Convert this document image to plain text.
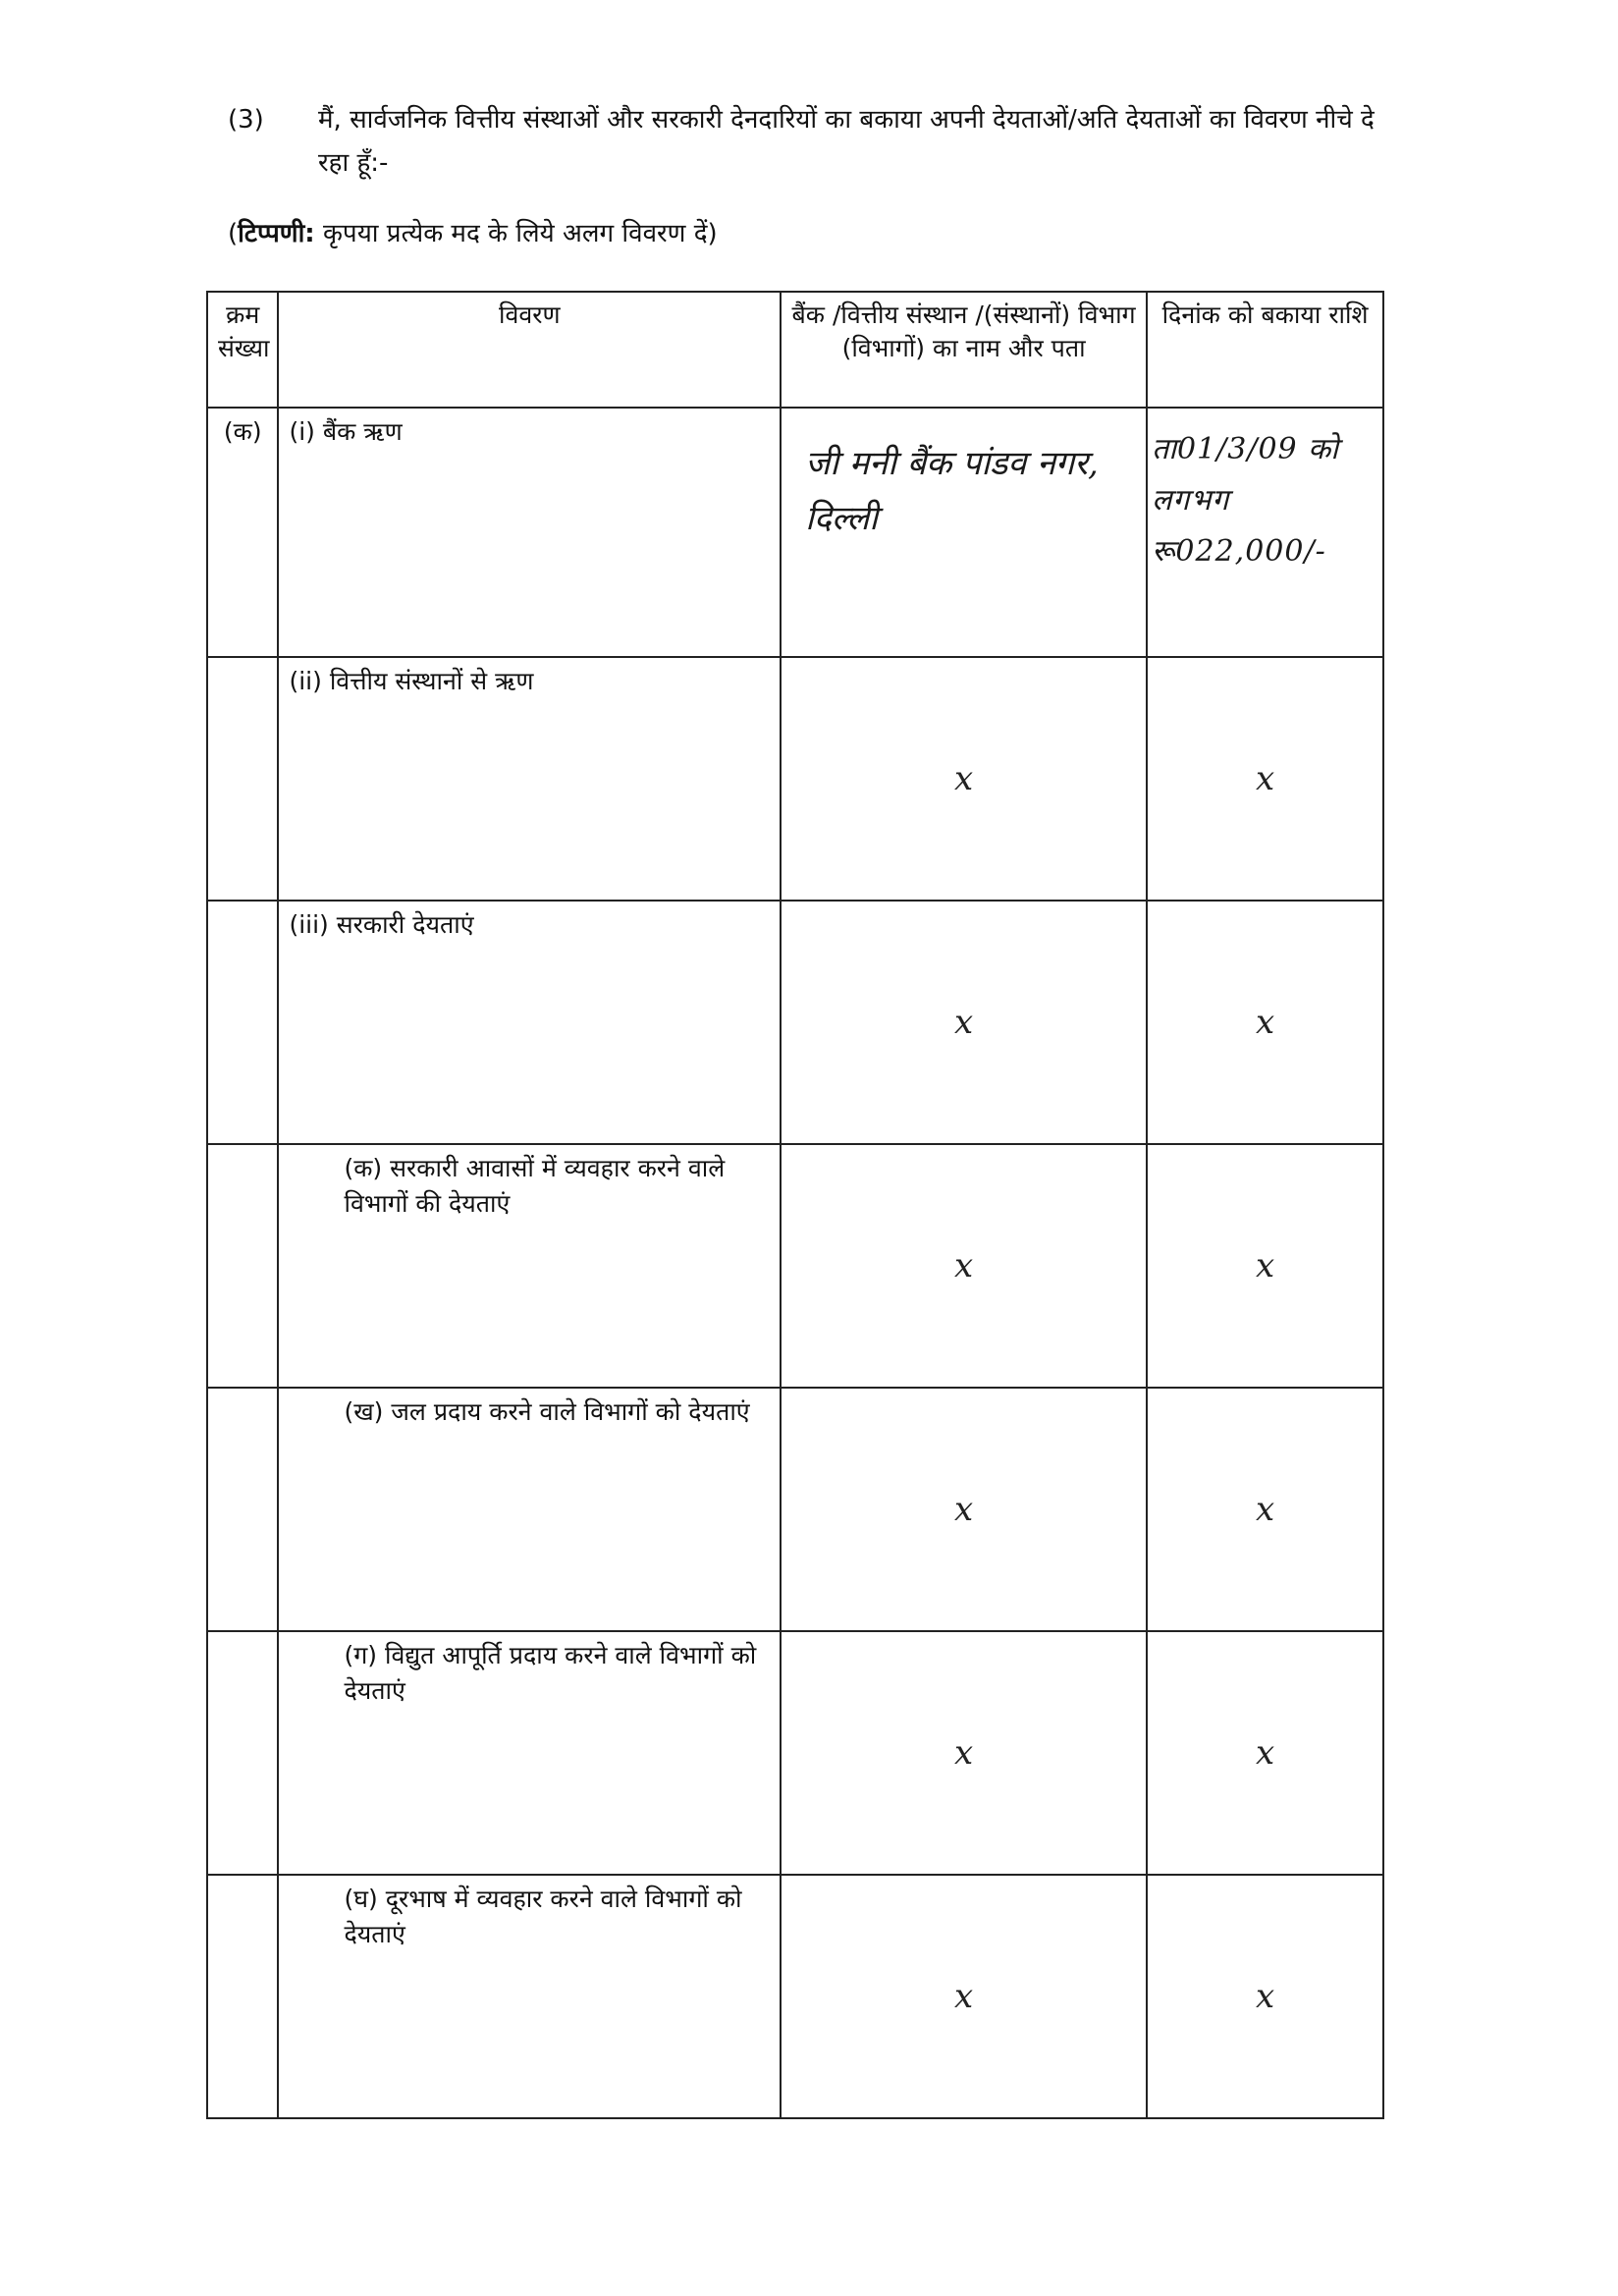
(3) मैं, सार्वजनिक वित्तीय संस्थाओं और सरकारी देनदारियों का बकाया अपनी देयताओं/अति देयताओं का विवरण नीचे दे रहा हूँ:-
(टिप्पणी: कृपया प्रत्येक मद के लिये अलग विवरण दें)
क्रम संख्या	विवरण	बैंक /वित्तीय संस्थान /(संस्थानों) विभाग (विभागों) का नाम और पता	दिनांक को बकाया राशि
(क)	(i) बैंक ऋण	जी मनी बैंक पांडव नगर, दिल्ली	ता01/3/09 को लगभग रू022,000/-
	(ii) वित्तीय संस्थानों से ऋण	x	x
	(iii) सरकारी देयताएं	x	x
	(क) सरकारी आवासों में व्यवहार करने वाले विभागों की देयताएं	x	x
	(ख) जल प्रदाय करने वाले विभागों को देयताएं	x	x
	(ग) विद्युत आपूर्ति प्रदाय करने वाले विभागों को देयताएं	x	x
	(घ) दूरभाष में व्यवहार करने वाले विभागों को देयताएं	x	x
